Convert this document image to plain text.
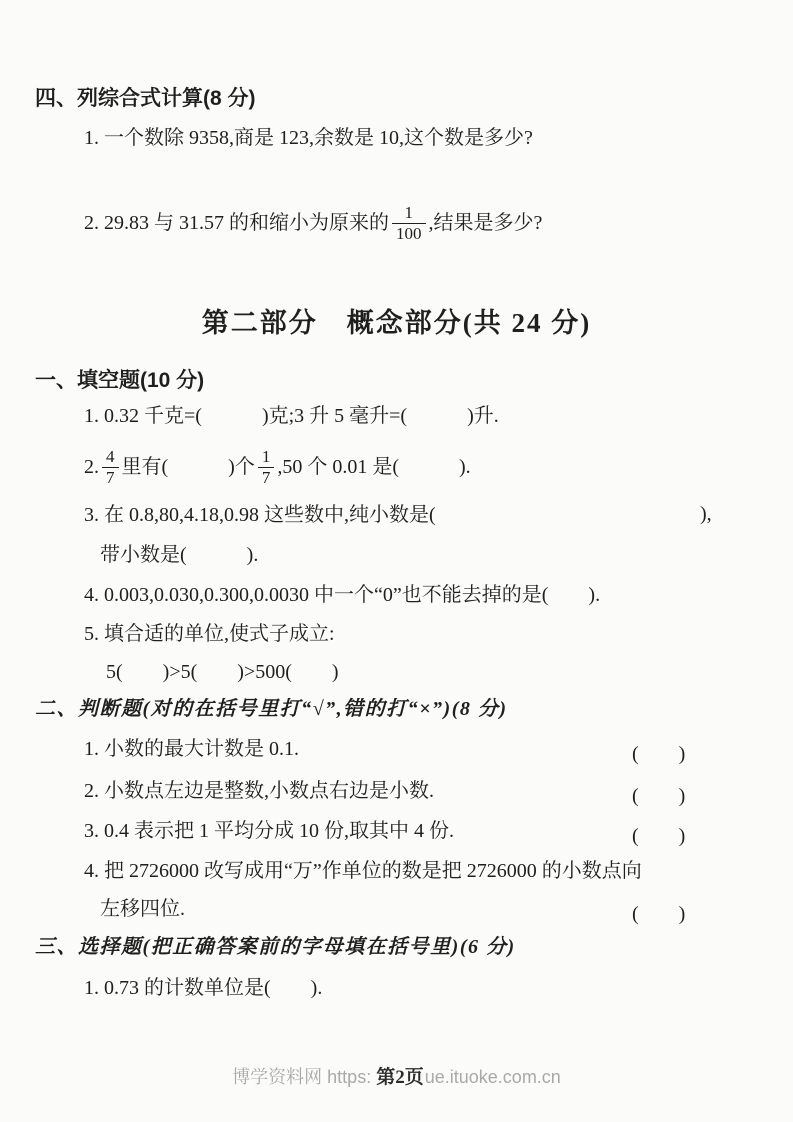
四、列综合式计算(8 分)
1. 一个数除 9358,商是 123,余数是 10,这个数是多少?
2. 29.83 与 31.57 的和缩小为原来的 $\frac{1}{100}$ ,结果是多少?
第二部分　概念部分(共 24 分)
一、填空题(10 分)
1. 0.32 千克=(　　　)克;3 升 5 毫升=(　　　)升.
2. $\frac{4}{7}$ 里有(　　　)个 $\frac{1}{7} ,50$ 个 0.01 是(　　　).
3. 在 0.8,80,4.18,0.98 这些数中,纯小数是(	),
带小数是(　　　).
4. 0.003,0.030,0.300,0.0030 中一个“0”也不能去掉的是(　　).
5. 填合适的单位,使式子成立:
5(　　)>5(　　)>500(　　)
二、判断题(对的在括号里打“√”,错的打“×”)(8 分)
1. 小数的最大计数是 0.1.	(　　)
2. 小数点左边是整数,小数点右边是小数.	(　　)
3. 0.4 表示把 1 平均分成 10 份,取其中 4 份.	(　　)
4. 把 2726000 改写成用“万”作单位的数是把 2726000 的小数点向
左移四位.	(　　)
三、选择题(把正确答案前的字母填在括号里)(6 分)
1. 0.73 的计数单位是(　　).
博学资料网 https: 第2页 ue.ituoke.com.cn
